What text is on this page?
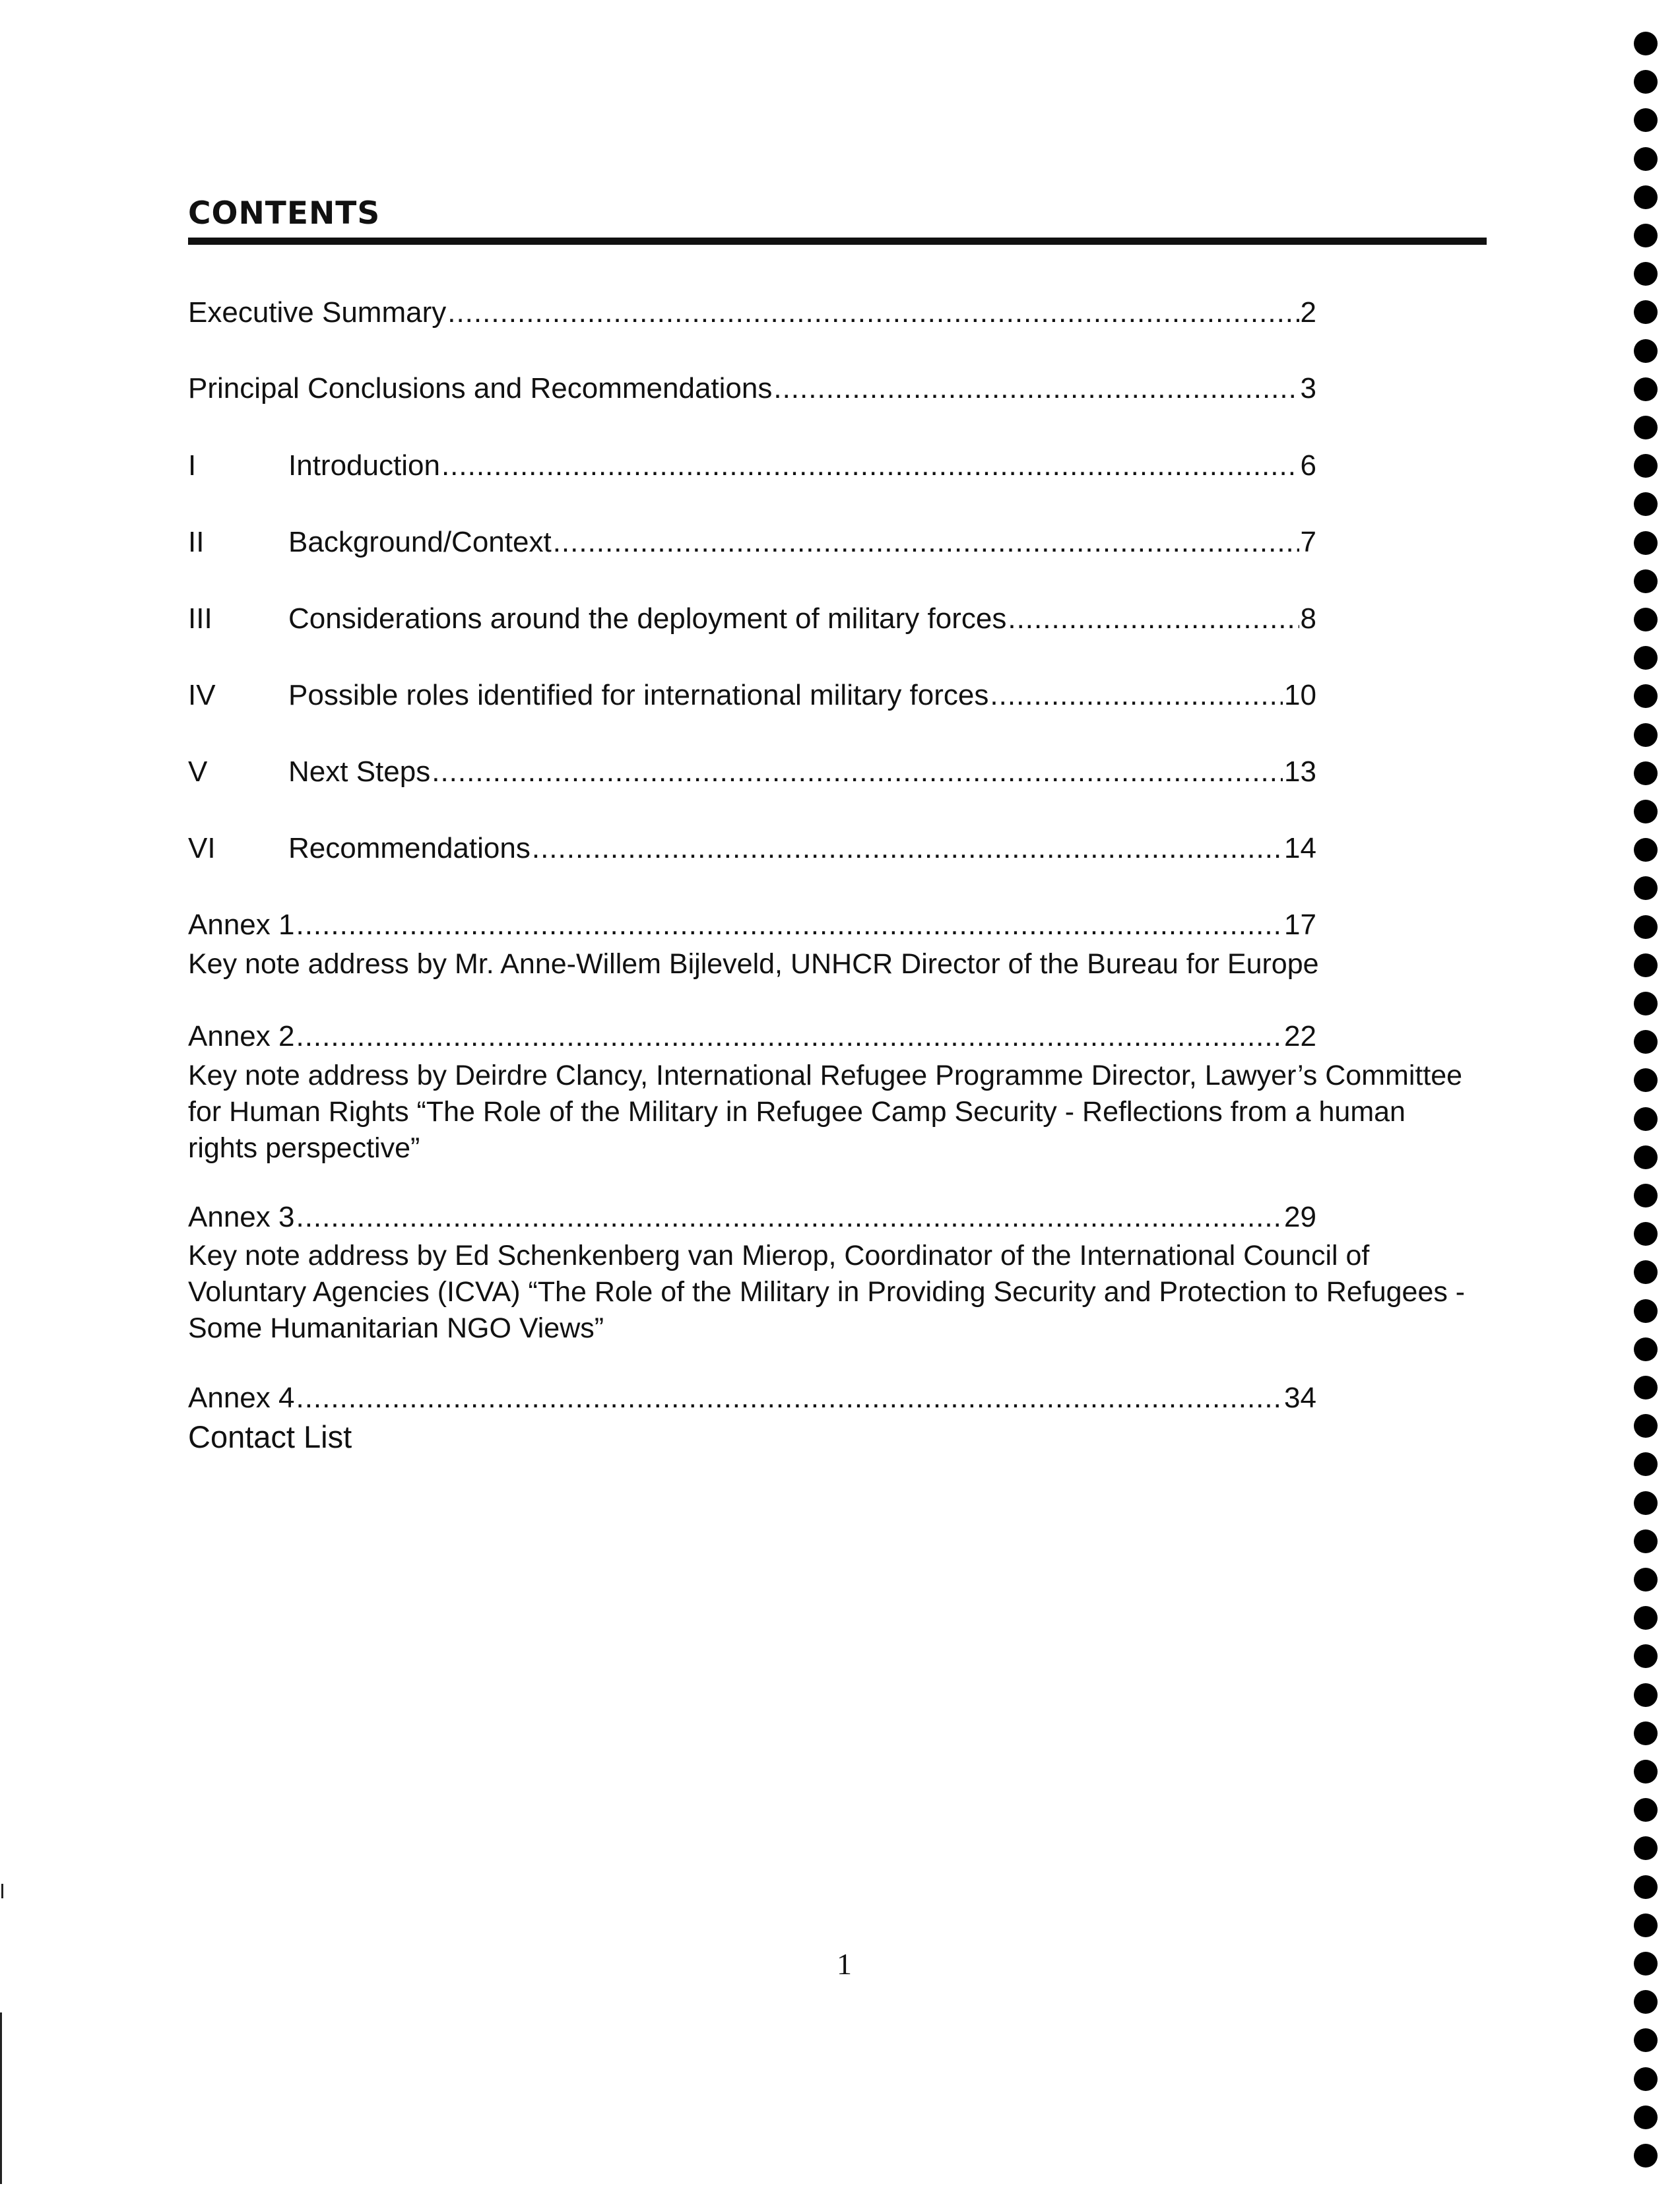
CONTENTS
Executive Summary .....	2
Principal Conclusions and Recommendations .....	3
I	Introduction .....	6
II	Background/Context .....	7
III	Considerations around the deployment of military forces .....	8
IV	Possible roles identified for international military forces .....	10
V	Next Steps .....	13
VI	Recommendations .....	14
Annex 1 .....	17
Key note address by Mr. Anne-Willem Bijleveld, UNHCR Director of the Bureau for Europe
Annex 2 .....	22
Key note address by Deirdre Clancy, International Refugee Programme Director, Lawyer’s Committee for Human Rights “The Role of the Military in Refugee Camp Security - Reflections from a human rights perspective”
Annex 3 .....	29
Key note address by Ed Schenkenberg van Mierop, Coordinator of the International Council of Voluntary Agencies (ICVA) “The Role of the Military in Providing Security and Protection to Refugees - Some Humanitarian NGO Views”
Annex 4 .....	34
Contact List
1
